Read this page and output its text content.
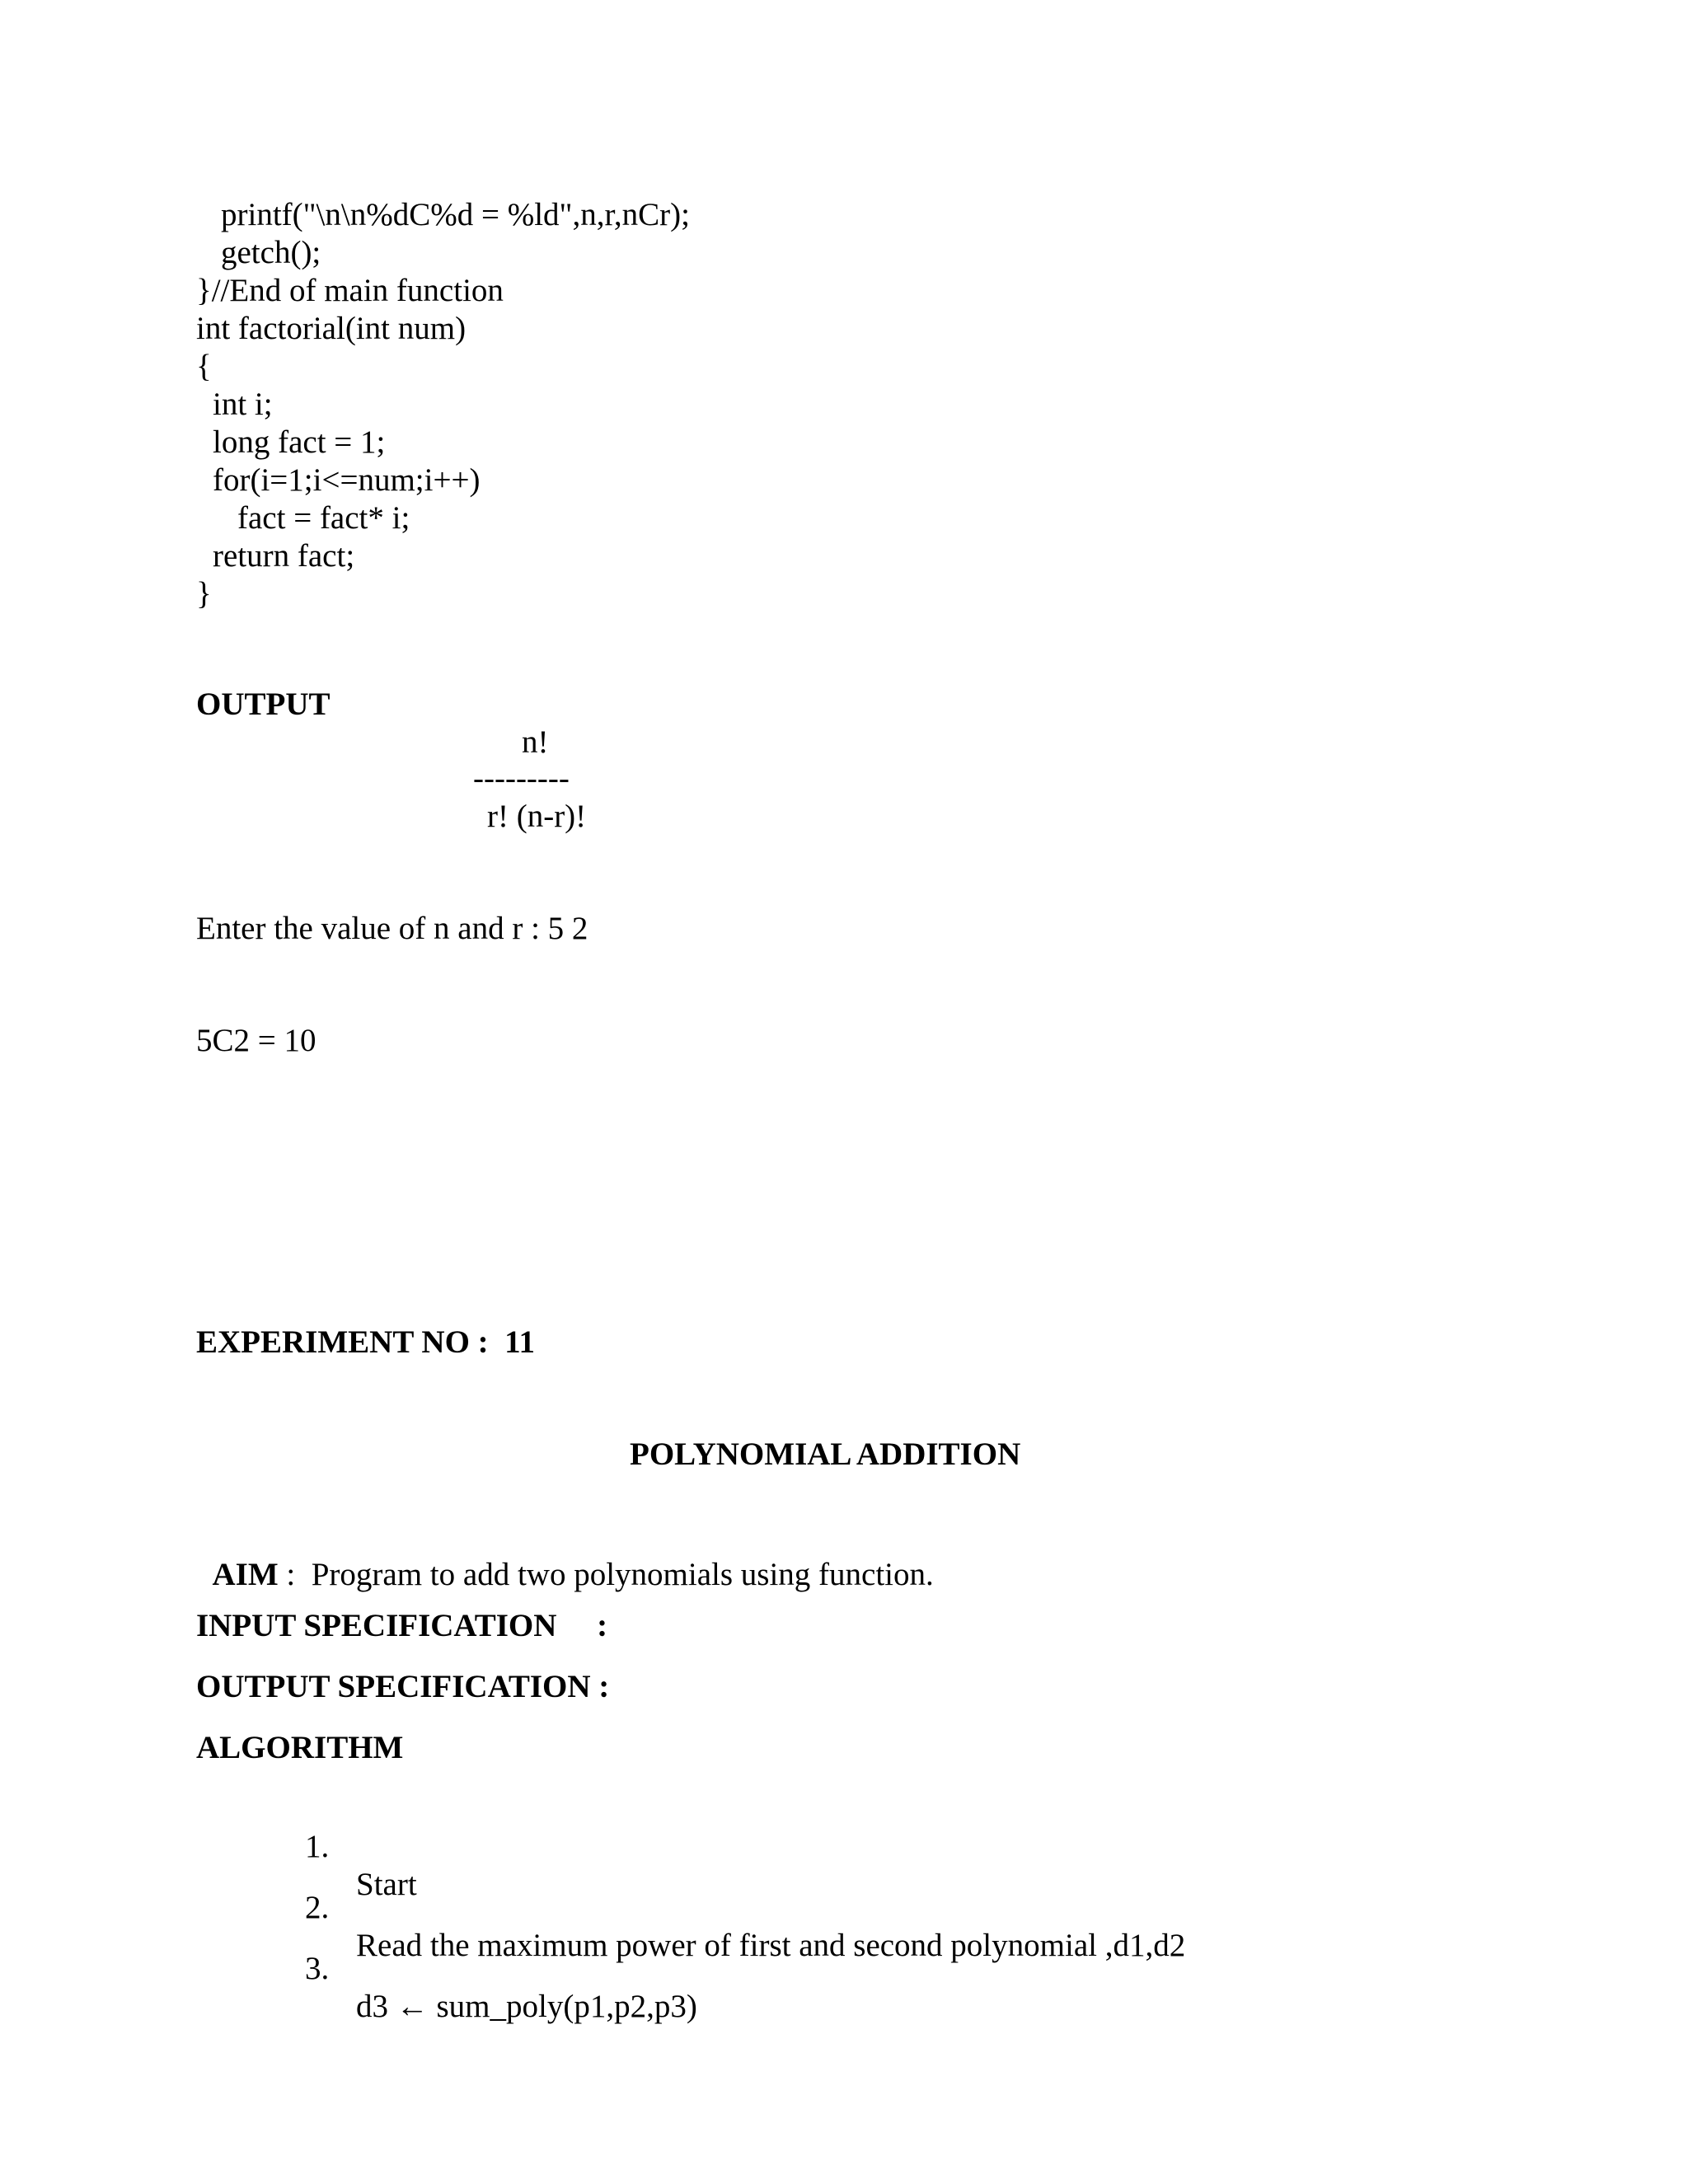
printf("\n\n%dC%d = %ld",n,r,nCr);
getch();
}//End of main function
int factorial(int num)
{
int i;
long fact = 1;
for(i=1;i<=num;i++)
fact = fact* i;
return fact;
}
OUTPUT
n!
---------
r! (n-r)!
Enter the value of n and r : 5 2
5C2 = 10
EXPERIMENT NO :  11
POLYNOMIAL ADDITION

AIM :  Program to add two polynomials using function.

INPUT SPECIFICATION     :
OUTPUT SPECIFICATION :
ALGORITHM

1.

Start

2.

Read the maximum power of first and second polynomial ,d1,d2

3.

d3 ← sum_poly(p1,p2,p3)
